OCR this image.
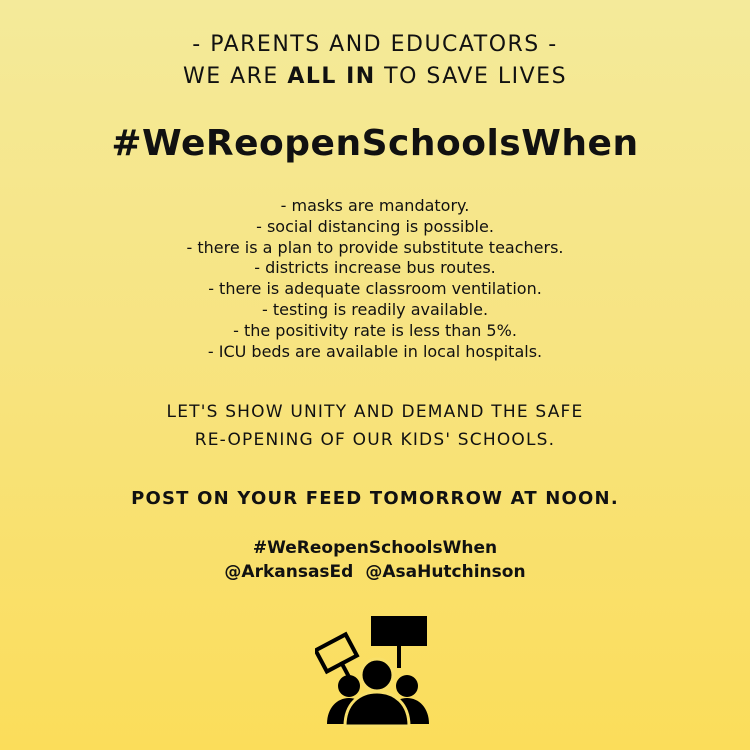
- PARENTS AND EDUCATORS -
WE ARE ALL IN TO SAVE LIVES
#WeReopenSchoolsWhen
- masks are mandatory.
- social distancing is possible.
- there is a plan to provide substitute teachers.
- districts increase bus routes.
- there is adequate classroom ventilation.
- testing is readily available.
- the positivity rate is less than 5%.
- ICU beds are available in local hospitals.
LET'S SHOW UNITY AND DEMAND THE SAFE
RE-OPENING OF OUR KIDS' SCHOOLS.
POST ON YOUR FEED TOMORROW AT NOON.
#WeReopenSchoolsWhen
@ArkansasEd @AsaHutchinson
